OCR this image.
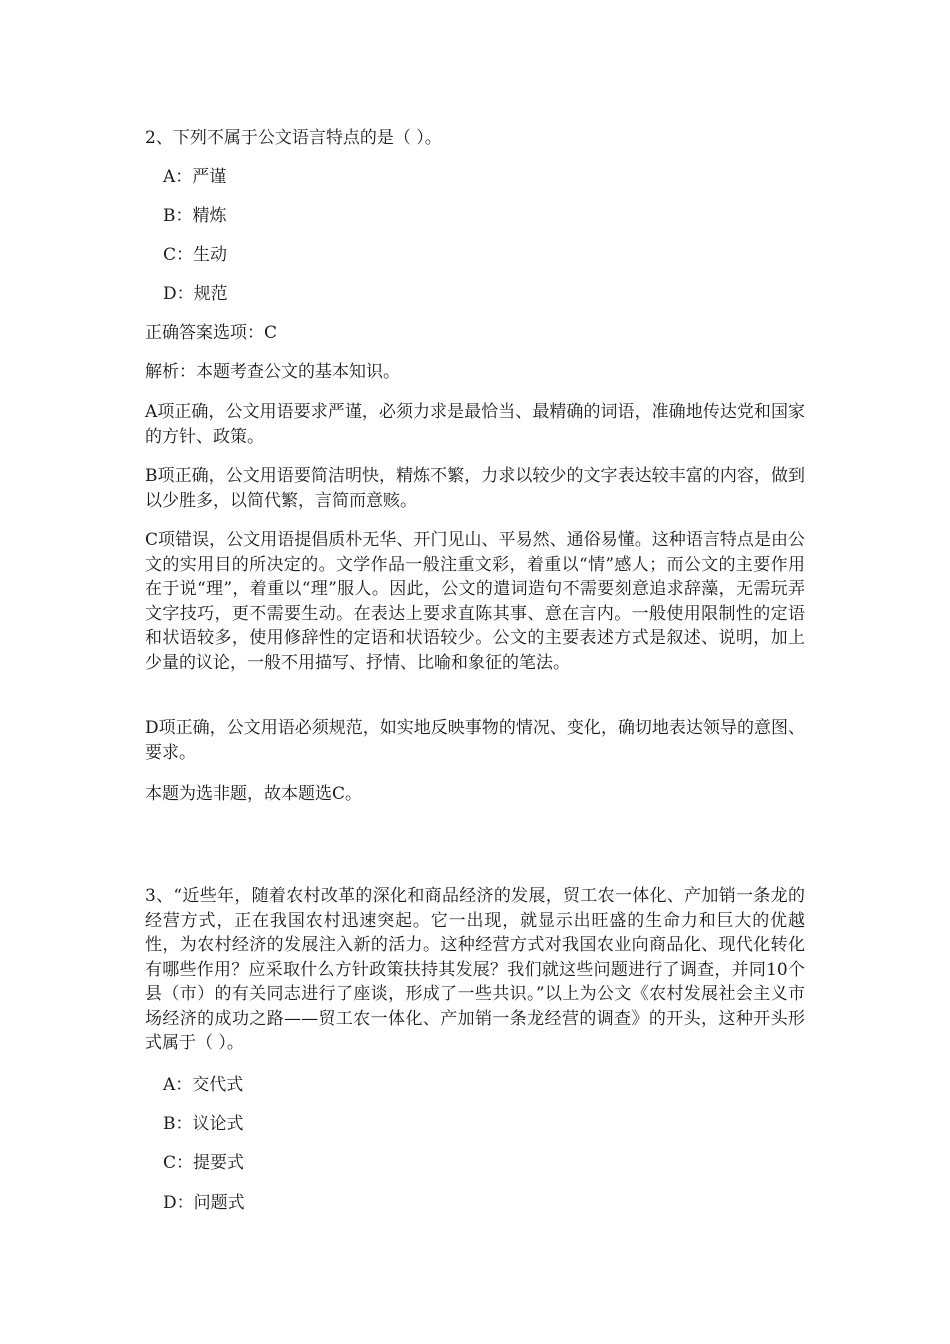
2、下列不属于公文语言特点的是（ ）。

A：严谨

B：精炼

C：生动

D：规范

正确答案选项：C

解析：本题考查公文的基本知识。

A项正确，公文用语要求严谨，必须力求是最恰当、最精确的词语，准确地传达党和国家的方针、政策。

B项正确，公文用语要简洁明快，精炼不繁，力求以较少的文字表达较丰富的内容，做到以少胜多，以简代繁，言简而意赅。

C项错误，公文用语提倡质朴无华、开门见山、平易然、通俗易懂。这种语言特点是由公文的实用目的所决定的。文学作品一般注重文彩，着重以“情”感人；而公文的主要作用在于说“理”，着重以“理”服人。因此，公文的遣词造句不需要刻意追求辞藻，无需玩弄文字技巧，更不需要生动。在表达上要求直陈其事、意在言内。一般使用限制性的定语和状语较多，使用修辞性的定语和状语较少。公文的主要表述方式是叙述、说明，加上少量的议论，一般不用描写、抒情、比喻和象征的笔法。

D项正确，公文用语必须规范，如实地反映事物的情况、变化，确切地表达领导的意图、要求。

本题为选非题，故本题选C。

3、“近些年，随着农村改革的深化和商品经济的发展，贸工农一体化、产加销一条龙的经营方式，正在我国农村迅速突起。它一出现，就显示出旺盛的生命力和巨大的优越性，为农村经济的发展注入新的活力。这种经营方式对我国农业向商品化、现代化转化有哪些作用？应采取什么方针政策扶持其发展？我们就这些问题进行了调查，并同10个县（市）的有关同志进行了座谈，形成了一些共识。”以上为公文《农村发展社会主义市场经济的成功之路——贸工农一体化、产加销一条龙经营的调查》的开头，这种开头形式属于（ ）。

A：交代式

B：议论式

C：提要式

D：问题式
